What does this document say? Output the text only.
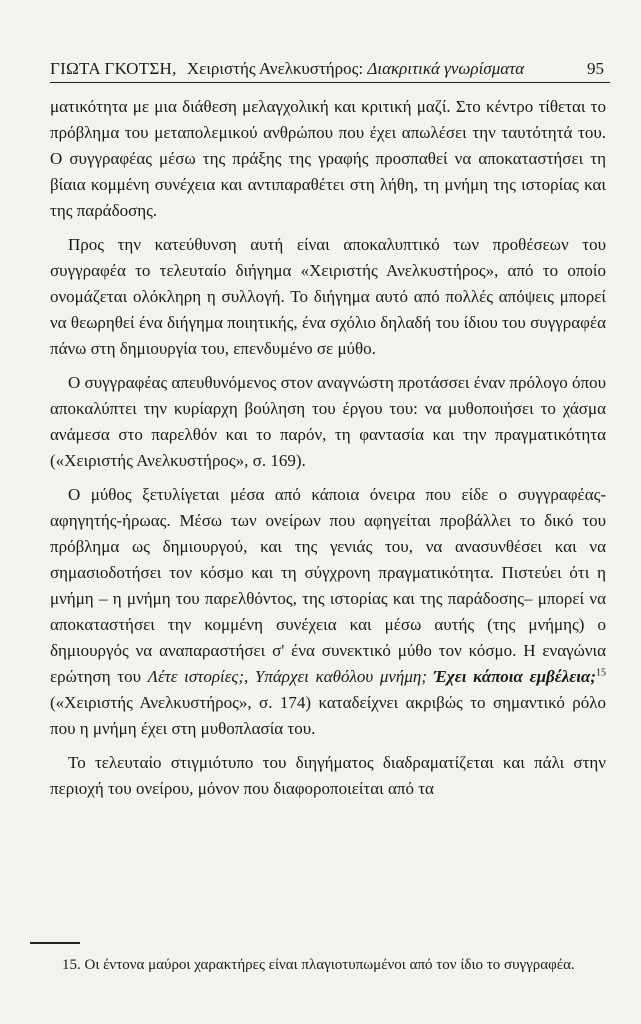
ΓΙΩΤΑ ΓΚΟΤΣΗ, Χειριστής Ανελκυστήρος: Διακριτικά γνωρίσματα	95

ματικότητα με μια διάθεση μελαγχολική και κριτική μαζί. Στο κέντρο τίθεται το πρόβλημα του μεταπολεμικού ανθρώπου που έχει απωλέσει την ταυτότητά του. Ο συγγραφέας μέσω της πράξης της γραφής προσπαθεί να αποκαταστήσει τη βίαια κομμένη συνέχεια και αντιπαραθέτει στη λήθη, τη μνήμη της ιστορίας και της παράδοσης.

Προς την κατεύθυνση αυτή είναι αποκαλυπτικό των προθέσεων του συγγραφέα το τελευταίο διήγημα «Χειριστής Ανελκυστήρος», από το οποίο ονομάζεται ολόκληρη η συλλογή. Το διήγημα αυτό από πολλές απόψεις μπορεί να θεωρηθεί ένα διήγημα ποιητικής, ένα σχόλιο δηλαδή του ίδιου του συγγραφέα πάνω στη δημιουργία του, επενδυμένο σε μύθο.

Ο συγγραφέας απευθυνόμενος στον αναγνώστη προτάσσει έναν πρόλογο όπου αποκαλύπτει την κυρίαρχη βούληση του έργου του: να μυθοποιήσει το χάσμα ανάμεσα στο παρελθόν και το παρόν, τη φαντασία και την πραγματικότητα («Χειριστής Ανελκυστήρος», σ. 169).

Ο μύθος ξετυλίγεται μέσα από κάποια όνειρα που είδε ο συγγραφέας-αφηγητής-ήρωας. Μέσω των ονείρων που αφηγείται προβάλλει το δικό του πρόβλημα ως δημιουργού, και της γενιάς του, να ανασυνθέσει και να σημασιοδοτήσει τον κόσμο και τη σύγχρονη πραγματικότητα. Πιστεύει ότι η μνήμη – η μνήμη του παρελθόντος, της ιστορίας και της παράδοσης– μπορεί να αποκαταστήσει την κομμένη συνέχεια και μέσω αυτής (της μνήμης) ο δημιουργός να αναπαραστήσει σ' ένα συνεκτικό μύθο τον κόσμο. Η εναγώνια ερώτηση του Λέτε ιστορίες;, Υπάρχει καθόλου μνήμη; Έχει κάποια εμβέλεια;$^{15}$ («Χειριστής Ανελκυστήρος», σ. 174) καταδείχνει ακριβώς το σημαντικό ρόλο που η μνήμη έχει στη μυθοπλασία του.

Το τελευταίο στιγμιότυπο του διηγήματος διαδραματίζεται και πάλι στην περιοχή του ονείρου, μόνον που διαφοροποιείται από τα

15. Οι έντονα μαύροι χαρακτήρες είναι πλαγιοτυπωμένοι από τον ίδιο το συγγραφέα.
